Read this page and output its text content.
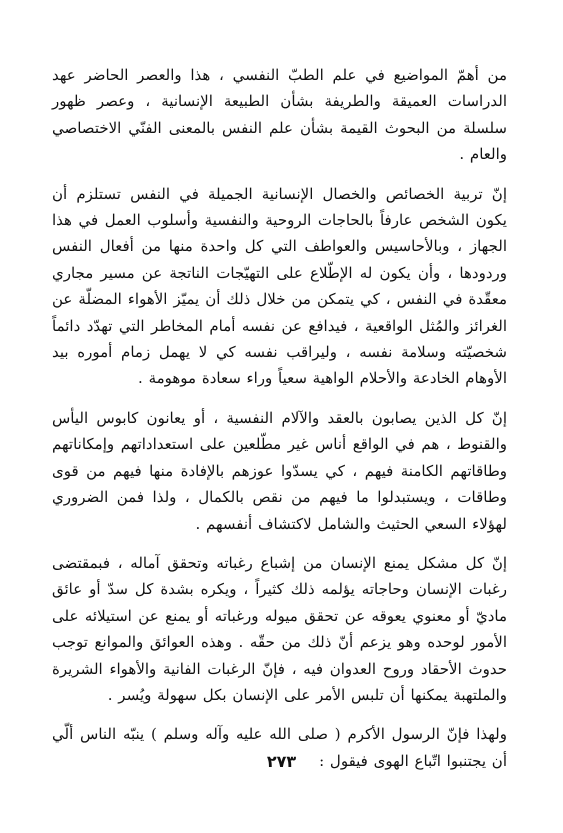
من أهمّ المواضيع في علم الطبّ النفسي ، هذا والعصر الحاضر عهد الدراسات العميقة والطريفة بشأن الطبيعة الإنسانية ، وعصر ظهور سلسلة من البحوث القيمة بشأن علم النفس بالمعنى الفنّي الاختصاصي والعام .

إنّ تربية الخصائص والخصال الإنسانية الجميلة في النفس تستلزم أن يكون الشخص عارفاً بالحاجات الروحية والنفسية وأسلوب العمل في هذا الجهاز ، وبالأحاسيس والعواطف التي كل واحدة منها من أفعال النفس وردودها ، وأن يكون له الإطّلاع على التهيّجات الناتجة عن مسير مجاري معقّدة في النفس ، كي يتمكن من خلال ذلك أن يميّز الأهواء المضلّة عن الغرائز والمُثل الواقعية ، فيدافع عن نفسه أمام المخاطر التي تهدّد دائماً شخصيّته وسلامة نفسه ، وليراقب نفسه كي لا يهمل زمام أموره بيد الأوهام الخادعة والأحلام الواهية سعياً وراء سعادة موهومة .

إنّ كل الذين يصابون بالعقد والآلام النفسية ، أو يعانون كابوس اليأس والقنوط ، هم في الواقع أناس غير مطّلعين على استعداداتهم وإمكاناتهم وطاقاتهم الكامنة فيهم ، كي يسدّوا عوزهم بالإفادة منها فيهم من قوى وطاقات ، ويستبدلوا ما فيهم من نقص بالكمال ، ولذا فمن الضروري لهؤلاء السعي الحثيث والشامل لاكتشاف أنفسهم .

إنّ كل مشكل يمنع الإنسان من إشباع رغباته وتحقق آماله ، فبمقتضى رغبات الإنسان وحاجاته يؤلمه ذلك كثيراً ، ويكره بشدة كل سدّ أو عائق ماديّ أو معنوي يعوقه عن تحقق ميوله ورغباته أو يمنع عن استيلائه على الأمور لوحده وهو يزعم أنّ ذلك من حقّه . وهذه العوائق والموانع توجب حدوث الأحقاد وروح العدوان فيه ، فإنّ الرغبات الفانية والأهواء الشريرة والملتهبة يمكنها أن تلبس الأمر على الإنسان بكل سهولة ويُسر .

ولهذا فإنّ الرسول الأكرم ( صلى الله عليه وآله وسلم ) ينبّه الناس ألّي أن يجتنبوا اتّباع الهوى فيقول :

٢٧٣
